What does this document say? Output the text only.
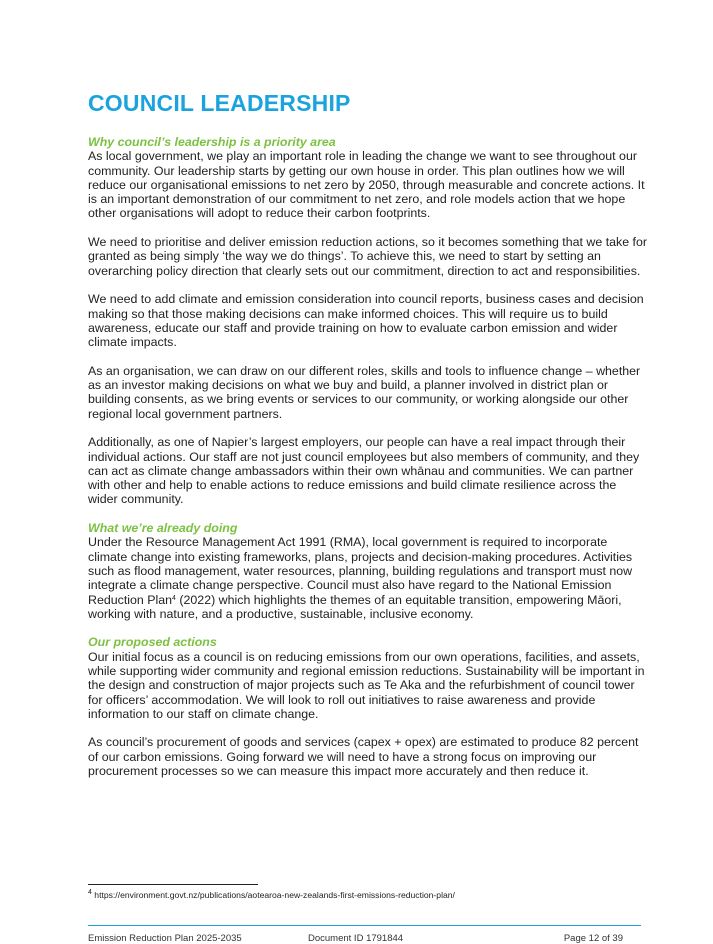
COUNCIL LEADERSHIP

Why council’s leadership is a priority area

As local government, we play an important role in leading the change we want to see throughout our community. Our leadership starts by getting our own house in order. This plan outlines how we will reduce our organisational emissions to net zero by 2050, through measurable and concrete actions. It is an important demonstration of our commitment to net zero, and role models action that we hope other organisations will adopt to reduce their carbon footprints.

We need to prioritise and deliver emission reduction actions, so it becomes something that we take for granted as being simply ‘the way we do things’. To achieve this, we need to start by setting an overarching policy direction that clearly sets out our commitment, direction to act and responsibilities.

We need to add climate and emission consideration into council reports, business cases and decision making so that those making decisions can make informed choices. This will require us to build awareness, educate our staff and provide training on how to evaluate carbon emission and wider climate impacts.

As an organisation, we can draw on our different roles, skills and tools to influence change – whether as an investor making decisions on what we buy and build, a planner involved in district plan or building consents, as we bring events or services to our community, or working alongside our other regional local government partners.

Additionally, as one of Napier’s largest employers, our people can have a real impact through their individual actions. Our staff are not just council employees but also members of community, and they can act as climate change ambassadors within their own whānau and communities. We can partner with other and help to enable actions to reduce emissions and build climate resilience across the wider community.

What we’re already doing

Under the Resource Management Act 1991 (RMA), local government is required to incorporate climate change into existing frameworks, plans, projects and decision-making procedures. Activities such as flood management, water resources, planning, building regulations and transport must now integrate a climate change perspective. Council must also have regard to the National Emission Reduction Plan$^4$ (2022) which highlights the themes of an equitable transition, empowering Māori, working with nature, and a productive, sustainable, inclusive economy.

Our proposed actions

Our initial focus as a council is on reducing emissions from our own operations, facilities, and assets, while supporting wider community and regional emission reductions. Sustainability will be important in the design and construction of major projects such as Te Aka and the refurbishment of council tower for officers’ accommodation. We will look to roll out initiatives to raise awareness and provide information to our staff on climate change.

As council’s procurement of goods and services (capex + opex) are estimated to produce 82 percent of our carbon emissions. Going forward we will need to have a strong focus on improving our procurement processes so we can measure this impact more accurately and then reduce it.

$^4$ https://environment.govt.nz/publications/aotearoa-new-zealands-first-emissions-reduction-plan/
Emission Reduction Plan 2025-2035	Document ID 1791844	Page 12 of 39
